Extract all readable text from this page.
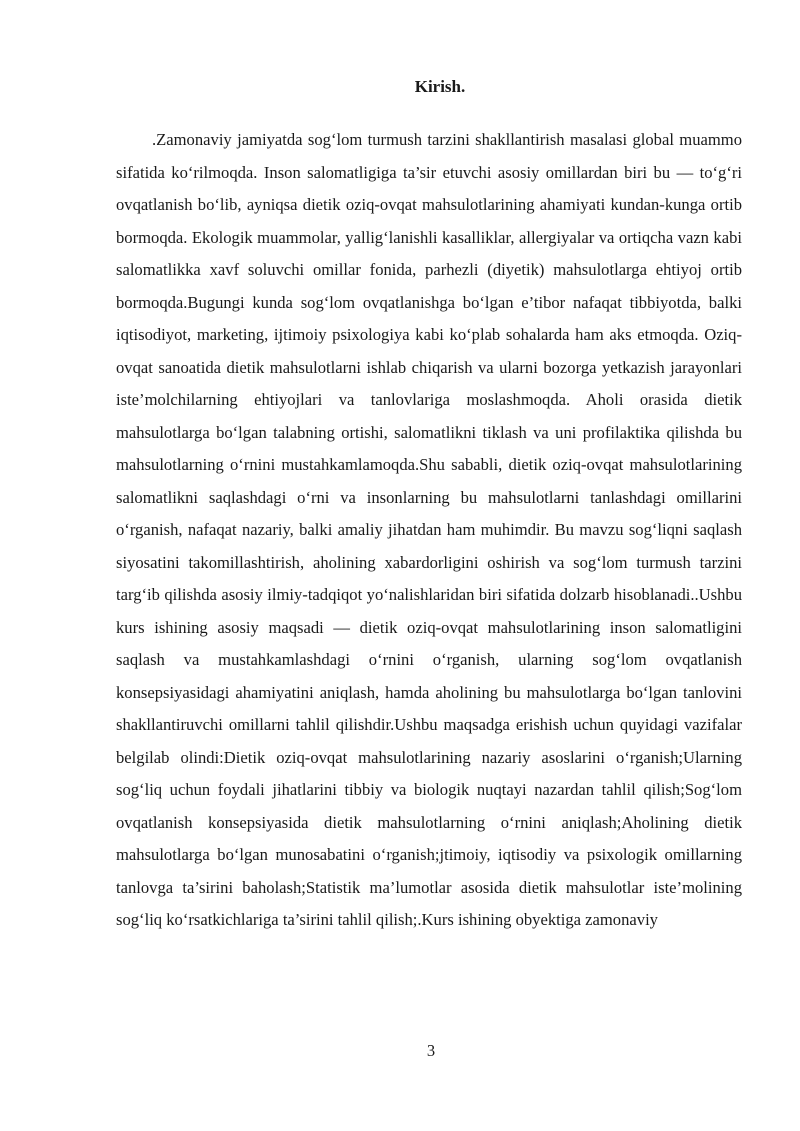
Kirish.

.Zamonaviy jamiyatda sog‘lom turmush tarzini shakllantirish masalasi global muammo sifatida ko‘rilmoqda. Inson salomatligiga ta’sir etuvchi asosiy omillardan biri bu — to‘g‘ri ovqatlanish bo‘lib, ayniqsa dietik oziq-ovqat mahsulotlarining ahamiyati kundan-kunga ortib bormoqda. Ekologik muammolar, yallig‘lanishli kasalliklar, allergiyalar va ortiqcha vazn kabi salomatlikka xavf soluvchi omillar fonida, parhezli (diyetik) mahsulotlarga ehtiyoj ortib bormoqda.Bugungi kunda sog‘lom ovqatlanishga bo‘lgan e’tibor nafaqat tibbiyotda, balki iqtisodiyot, marketing, ijtimoiy psixologiya kabi ko‘plab sohalarda ham aks etmoqda. Oziq-ovqat sanoatida dietik mahsulotlarni ishlab chiqarish va ularni bozorga yetkazish jarayonlari iste’molchilarning ehtiyojlari va tanlovlariga moslashmoqda. Aholi orasida dietik mahsulotlarga bo‘lgan talabning ortishi, salomatlikni tiklash va uni profilaktika qilishda bu mahsulotlarning o‘rnini mustahkamlamoqda.Shu sababli, dietik oziq-ovqat mahsulotlarining salomatlikni saqlashdagi o‘rni va insonlarning bu mahsulotlarni tanlashdagi omillarini o‘rganish, nafaqat nazariy, balki amaliy jihatdan ham muhimdir. Bu mavzu sog‘liqni saqlash siyosatini takomillashtirish, aholining xabardorligini oshirish va sog‘lom turmush tarzini targ‘ib qilishda asosiy ilmiy-tadqiqot yo‘nalishlaridan biri sifatida dolzarb hisoblanadi..Ushbu kurs ishining asosiy maqsadi — dietik oziq-ovqat mahsulotlarining inson salomatligini saqlash va mustahkamlashdagi o‘rnini o‘rganish, ularning sog‘lom ovqatlanish konsepsiyasidagi ahamiyatini aniqlash, hamda aholining bu mahsulotlarga bo‘lgan tanlovini shakllantiruvchi omillarni tahlil qilishdir.Ushbu maqsadga erishish uchun quyidagi vazifalar belgilab olindi:Dietik oziq-ovqat mahsulotlarining nazariy asoslarini o‘rganish;Ularning sog‘liq uchun foydali jihatlarini tibbiy va biologik nuqtayi nazardan tahlil qilish;Sog‘lom ovqatlanish konsepsiyasida dietik mahsulotlarning o‘rnini aniqlash;Aholining dietik mahsulotlarga bo‘lgan munosabatini o‘rganish;jtimoiy, iqtisodiy va psixologik omillarning tanlovga ta’sirini baholash;Statistik ma’lumotlar asosida dietik mahsulotlar iste’molining sog‘liq ko‘rsatkichlariga ta’sirini tahlil qilish;.Kurs ishining obyektiga zamonaviy

3
